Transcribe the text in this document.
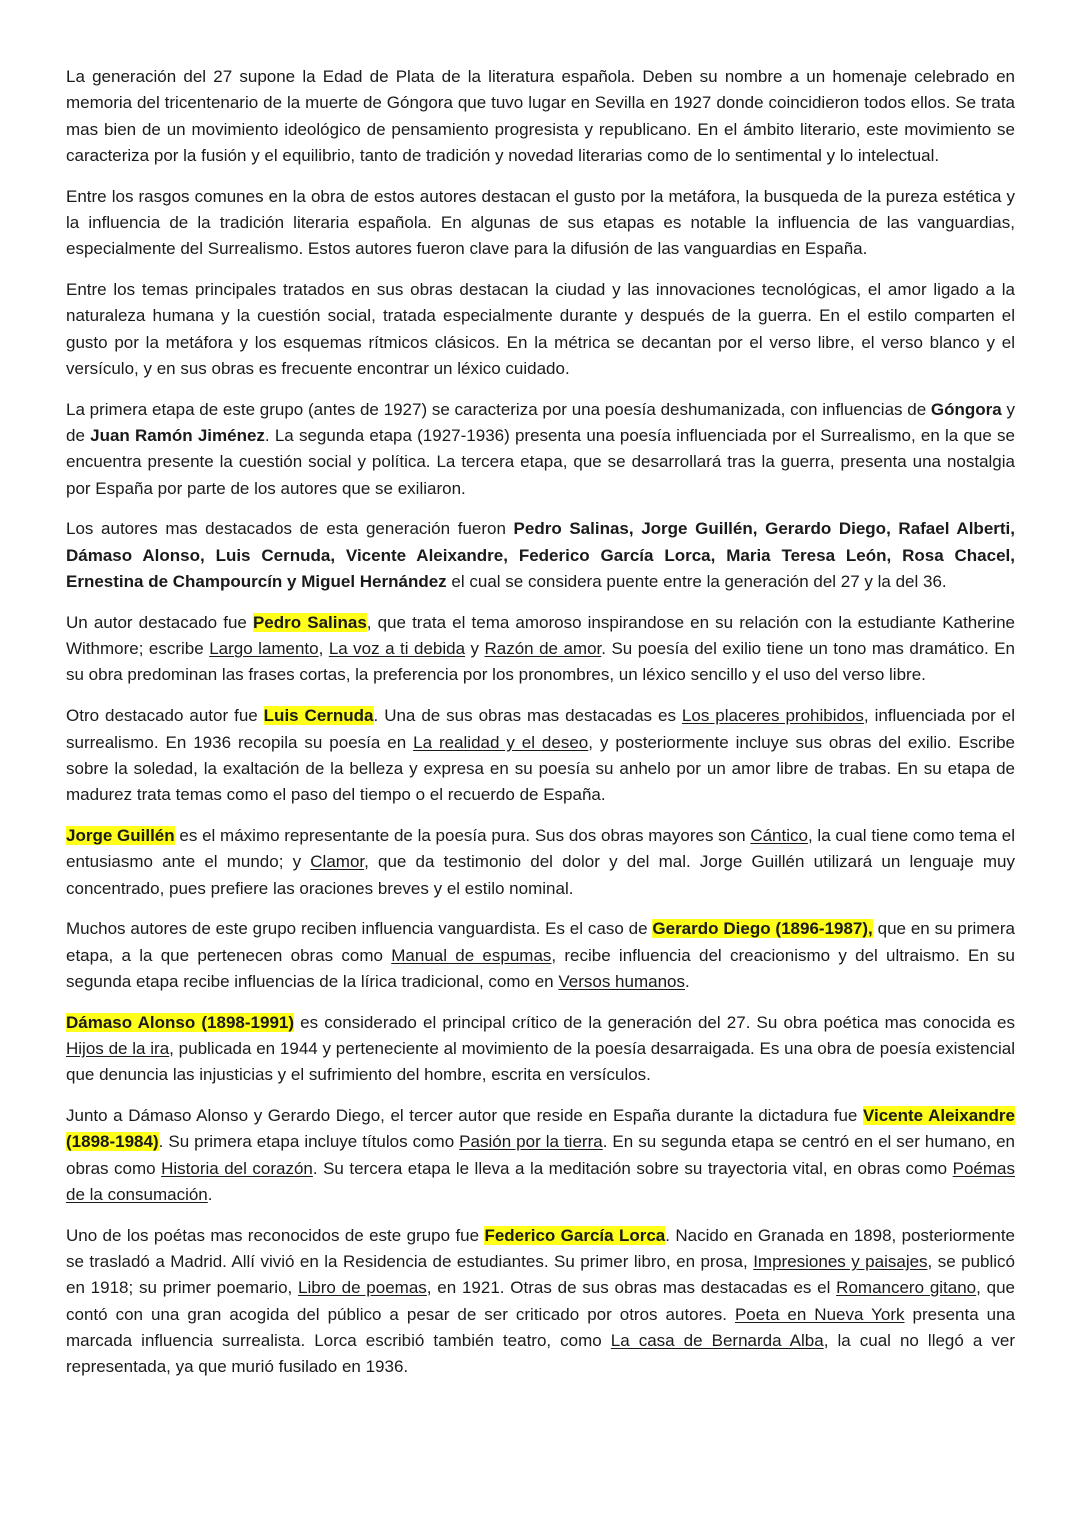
La generación del 27 supone la Edad de Plata de la literatura española. Deben su nombre a un homenaje celebrado en memoria del tricentenario de la muerte de Góngora que tuvo lugar en Sevilla en 1927 donde coincidieron todos ellos. Se trata mas bien de un movimiento ideológico de pensamiento progresista y republicano. En el ámbito literario, este movimiento se caracteriza por la fusión y el equilibrio, tanto de tradición y novedad literarias como de lo sentimental y lo intelectual.

Entre los rasgos comunes en la obra de estos autores destacan el gusto por la metáfora, la busqueda de la pureza estética y la influencia de la tradición literaria española. En algunas de sus etapas es notable la influencia de las vanguardias, especialmente del Surrealismo. Estos autores fueron clave para la difusión de las vanguardias en España.

Entre los temas principales tratados en sus obras destacan la ciudad y las innovaciones tecnológicas, el amor ligado a la naturaleza humana y la cuestión social, tratada especialmente durante y después de la guerra. En el estilo comparten el gusto por la metáfora y los esquemas rítmicos clásicos. En la métrica se decantan por el verso libre, el verso blanco y el versículo, y en sus obras es frecuente encontrar un léxico cuidado.

La primera etapa de este grupo (antes de 1927) se caracteriza por una poesía deshumanizada, con influencias de Góngora y de Juan Ramón Jiménez. La segunda etapa (1927-1936) presenta una poesía influenciada por el Surrealismo, en la que se encuentra presente la cuestión social y política. La tercera etapa, que se desarrollará tras la guerra, presenta una nostalgia por España por parte de los autores que se exiliaron.

Los autores mas destacados de esta generación fueron Pedro Salinas, Jorge Guillén, Gerardo Diego, Rafael Alberti, Dámaso Alonso, Luis Cernuda, Vicente Aleixandre, Federico García Lorca, Maria Teresa León, Rosa Chacel, Ernestina de Champourcín y Miguel Hernández el cual se considera puente entre la generación del 27 y la del 36.

Un autor destacado fue Pedro Salinas, que trata el tema amoroso inspirandose en su relación con la estudiante Katherine Withmore; escribe Largo lamento, La voz a ti debida y Razón de amor. Su poesía del exilio tiene un tono mas dramático. En su obra predominan las frases cortas, la preferencia por los pronombres, un léxico sencillo y el uso del verso libre.

Otro destacado autor fue Luis Cernuda. Una de sus obras mas destacadas es Los placeres prohibidos, influenciada por el surrealismo. En 1936 recopila su poesía en La realidad y el deseo, y posteriormente incluye sus obras del exilio. Escribe sobre la soledad, la exaltación de la belleza y expresa en su poesía su anhelo por un amor libre de trabas. En su etapa de madurez trata temas como el paso del tiempo o el recuerdo de España.

Jorge Guillén es el máximo representante de la poesía pura. Sus dos obras mayores son Cántico, la cual tiene como tema el entusiasmo ante el mundo; y Clamor, que da testimonio del dolor y del mal. Jorge Guillén utilizará un lenguaje muy concentrado, pues prefiere las oraciones breves y el estilo nominal.

Muchos autores de este grupo reciben influencia vanguardista. Es el caso de Gerardo Diego (1896-1987), que en su primera etapa, a la que pertenecen obras como Manual de espumas, recibe influencia del creacionismo y del ultraismo. En su segunda etapa recibe influencias de la lírica tradicional, como en Versos humanos.

Dámaso Alonso (1898-1991) es considerado el principal crítico de la generación del 27. Su obra poética mas conocida es Hijos de la ira, publicada en 1944 y perteneciente al movimiento de la poesía desarraigada. Es una obra de poesía existencial que denuncia las injusticias y el sufrimiento del hombre, escrita en versículos.

Junto a Dámaso Alonso y Gerardo Diego, el tercer autor que reside en España durante la dictadura fue Vicente Aleixandre (1898-1984). Su primera etapa incluye títulos como Pasión por la tierra. En su segunda etapa se centró en el ser humano, en obras como Historia del corazón. Su tercera etapa le lleva a la meditación sobre su trayectoria vital, en obras como Poémas de la consumación.

Uno de los poétas mas reconocidos de este grupo fue Federico García Lorca. Nacido en Granada en 1898, posteriormente se trasladó a Madrid. Allí vivió en la Residencia de estudiantes. Su primer libro, en prosa, Impresiones y paisajes, se publicó en 1918; su primer poemario, Libro de poemas, en 1921. Otras de sus obras mas destacadas es el Romancero gitano, que contó con una gran acogida del público a pesar de ser criticado por otros autores. Poeta en Nueva York presenta una marcada influencia surrealista. Lorca escribió también teatro, como La casa de Bernarda Alba, la cual no llegó a ver representada, ya que murió fusilado en 1936.
